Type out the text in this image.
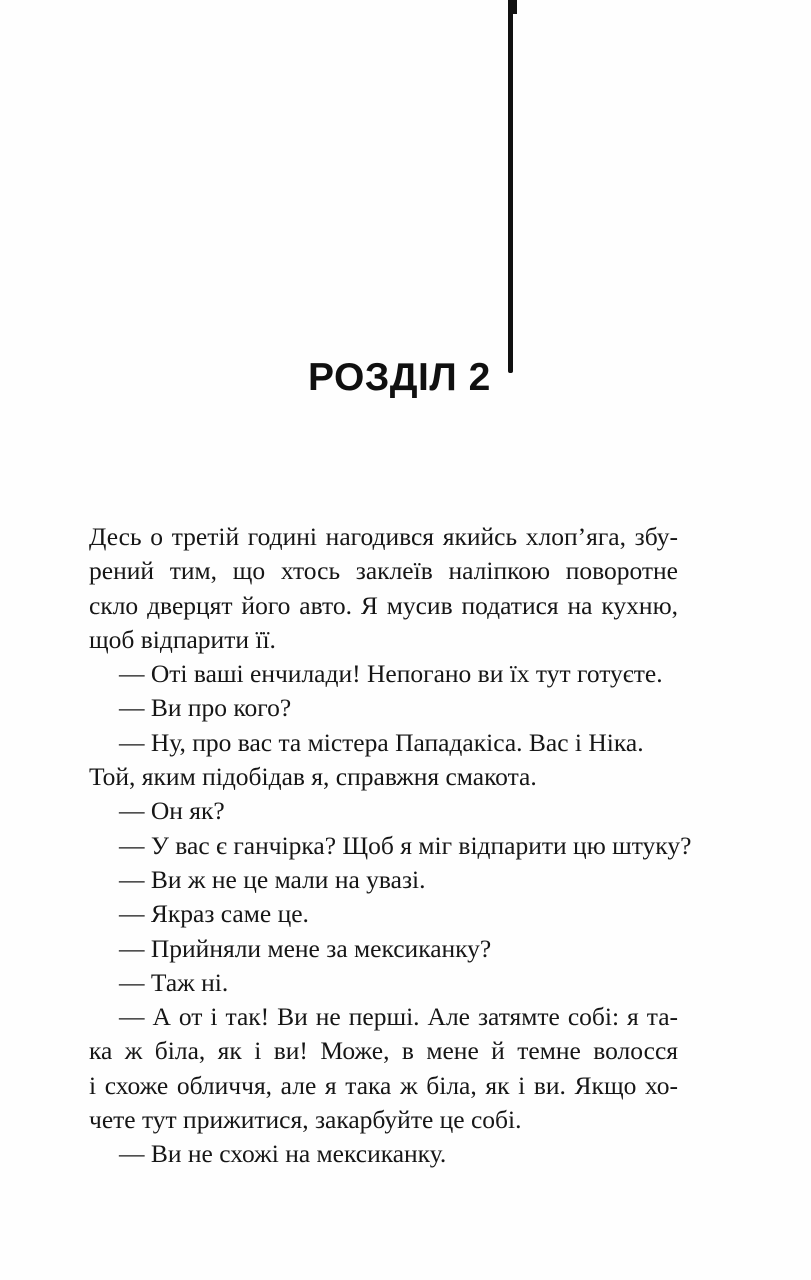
РОЗДІЛ 2
Десь о третій годині нагодився якийсь хлоп’яга, збу-
рений тим, що хтось заклеїв наліпкою поворотне
скло дверцят його авто. Я мусив податися на кухню,
щоб відпарити її.
— Оті ваші енчилади! Непогано ви їх тут готуєте.
— Ви про кого?
— Ну, про вас та містера Пападакіса. Вас і Ніка.
Той, яким підобідав я, справжня смакота.
— Он як?
— У вас є ганчірка? Щоб я міг відпарити цю штуку?
— Ви ж не це мали на увазі.
— Якраз саме це.
— Прийняли мене за мексиканку?
— Таж ні.
— А от і так! Ви не перші. Але затямте собі: я та-
ка ж біла, як і ви! Може, в мене й темне волосся
і схоже обличчя, але я така ж біла, як і ви. Якщо хо-
чете тут прижитися, закарбуйте це собі.
— Ви не схожі на мексиканку.
